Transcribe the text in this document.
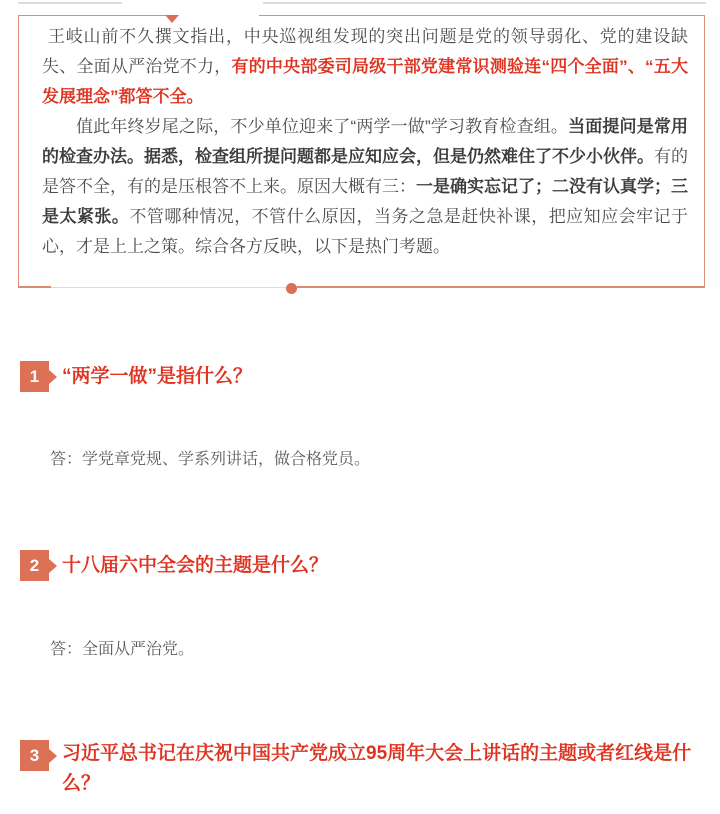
王岐山前不久撰文指出，中央巡视组发现的突出问题是党的领导弱化、党的建设缺失、全面从严治党不力，有的中央部委司局级干部党建常识测验连“四个全面”、“五大发展理念”都答不全。

值此年终岁尾之际，不少单位迎来了“两学一做”学习教育检查组。当面提问是常用的检查办法。据悉，检查组所提问题都是应知应会，但是仍然难住了不少小伙伴。有的是答不全，有的是压根答不上来。原因大概有三：一是确实忘记了；二没有认真学；三是太紧张。不管哪种情况，不管什么原因，当务之急是赶快补课，把应知应会牢记于心，才是上上之策。综合各方反映，以下是热门考题。

1 “两学一做”是指什么？
答：学党章党规、学系列讲话，做合格党员。
2 十八届六中全会的主题是什么？
答：全面从严治党。
3 习近平总书记在庆祝中国共产党成立95周年大会上讲话的主题或者红线是什么？
